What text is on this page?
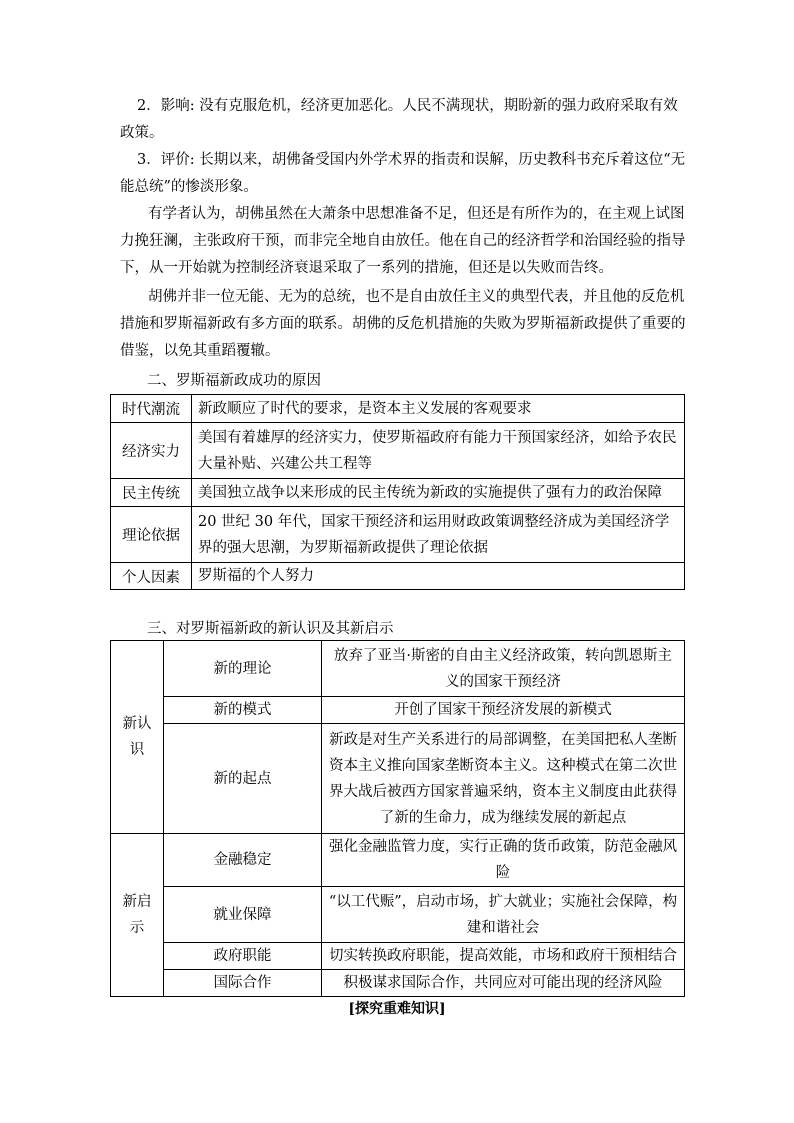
2．影响: 没有克服危机，经济更加恶化。人民不满现状，期盼新的强力政府采取有效

政策。

3．评价: 长期以来，胡佛备受国内外学术界的指责和误解，历史教科书充斥着这位“无

能总统”的惨淡形象。

有学者认为，胡佛虽然在大萧条中思想准备不足，但还是有所作为的，在主观上试图

力挽狂澜，主张政府干预，而非完全地自由放任。他在自己的经济哲学和治国经验的指导

下，从一开始就为控制经济衰退采取了一系列的措施，但还是以失败而告终。

胡佛并非一位无能、无为的总统，也不是自由放任主义的典型代表，并且他的反危机

措施和罗斯福新政有多方面的联系。胡佛的反危机措施的失败为罗斯福新政提供了重要的

借鉴，以免其重蹈覆辙。

二、罗斯福新政成功的原因

时代潮流	新政顺应了时代的要求，是资本主义发展的客观要求
经济实力	美国有着雄厚的经济实力，使罗斯福政府有能力干预国家经济，如给予农民大量补贴、兴建公共工程等
民主传统	美国独立战争以来形成的民主传统为新政的实施提供了强有力的政治保障
理论依据	20 世纪 30 年代，国家干预经济和运用财政政策调整经济成为美国经济学界的强大思潮，为罗斯福新政提供了理论依据
个人因素	罗斯福的个人努力

三、对罗斯福新政的新认识及其新启示

新认识	新的理论	放弃了亚当·斯密的自由主义经济政策，转向凯恩斯主义的国家干预经济
	新的模式	开创了国家干预经济发展的新模式
	新的起点	新政是对生产关系进行的局部调整，在美国把私人垄断资本主义推向国家垄断资本主义。这种模式在第二次世界大战后被西方国家普遍采纳，资本主义制度由此获得了新的生命力，成为继续发展的新起点
新启示	金融稳定	强化金融监管力度，实行正确的货币政策，防范金融风险
	就业保障	“以工代赈”，启动市场，扩大就业；实施社会保障，构建和谐社会
	政府职能	切实转换政府职能，提高效能，市场和政府干预相结合
	国际合作	积极谋求国际合作，共同应对可能出现的经济风险
[探究重难知识]
